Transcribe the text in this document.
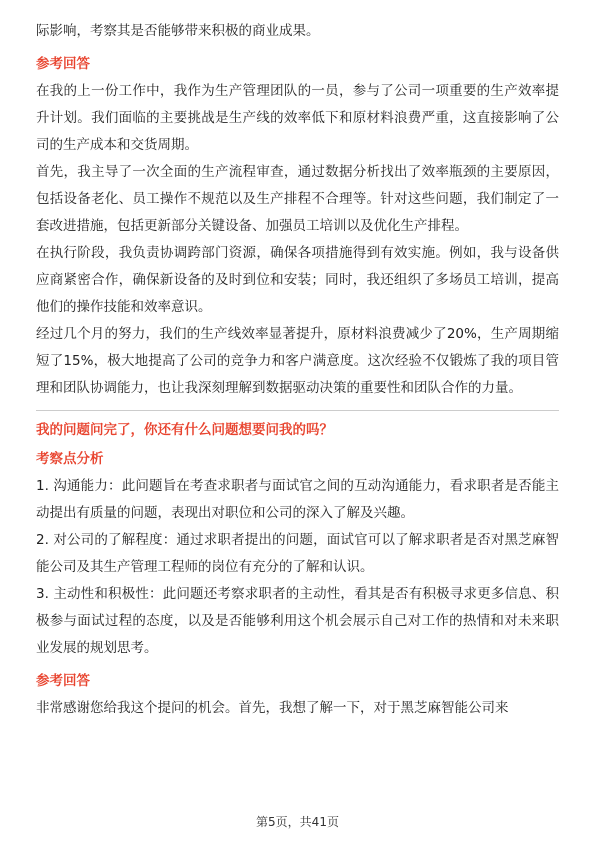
际影响，考察其是否能够带来积极的商业成果。

参考回答

在我的上一份工作中，我作为生产管理团队的一员，参与了公司一项重要的生产效率提升计划。我们面临的主要挑战是生产线的效率低下和原材料浪费严重，这直接影响了公司的生产成本和交货周期。

首先，我主导了一次全面的生产流程审查，通过数据分析找出了效率瓶颈的主要原因，包括设备老化、员工操作不规范以及生产排程不合理等。针对这些问题，我们制定了一套改进措施，包括更新部分关键设备、加强员工培训以及优化生产排程。

在执行阶段，我负责协调跨部门资源，确保各项措施得到有效实施。例如，我与设备供应商紧密合作，确保新设备的及时到位和安装；同时，我还组织了多场员工培训，提高他们的操作技能和效率意识。

经过几个月的努力，我们的生产线效率显著提升，原材料浪费减少了20%，生产周期缩短了15%，极大地提高了公司的竞争力和客户满意度。这次经验不仅锻炼了我的项目管理和团队协调能力，也让我深刻理解到数据驱动决策的重要性和团队合作的力量。

我的问题问完了，你还有什么问题想要问我的吗？

考察点分析

1. 沟通能力：此问题旨在考查求职者与面试官之间的互动沟通能力，看求职者是否能主动提出有质量的问题，表现出对职位和公司的深入了解及兴趣。

2. 对公司的了解程度：通过求职者提出的问题，面试官可以了解求职者是否对黑芝麻智能公司及其生产管理工程师的岗位有充分的了解和认识。

3. 主动性和积极性：此问题还考察求职者的主动性，看其是否有积极寻求更多信息、积极参与面试过程的态度，以及是否能够利用这个机会展示自己对工作的热情和对未来职业发展的规划思考。

参考回答

非常感谢您给我这个提问的机会。首先，我想了解一下，对于黑芝麻智能公司来

第5页，共41页
